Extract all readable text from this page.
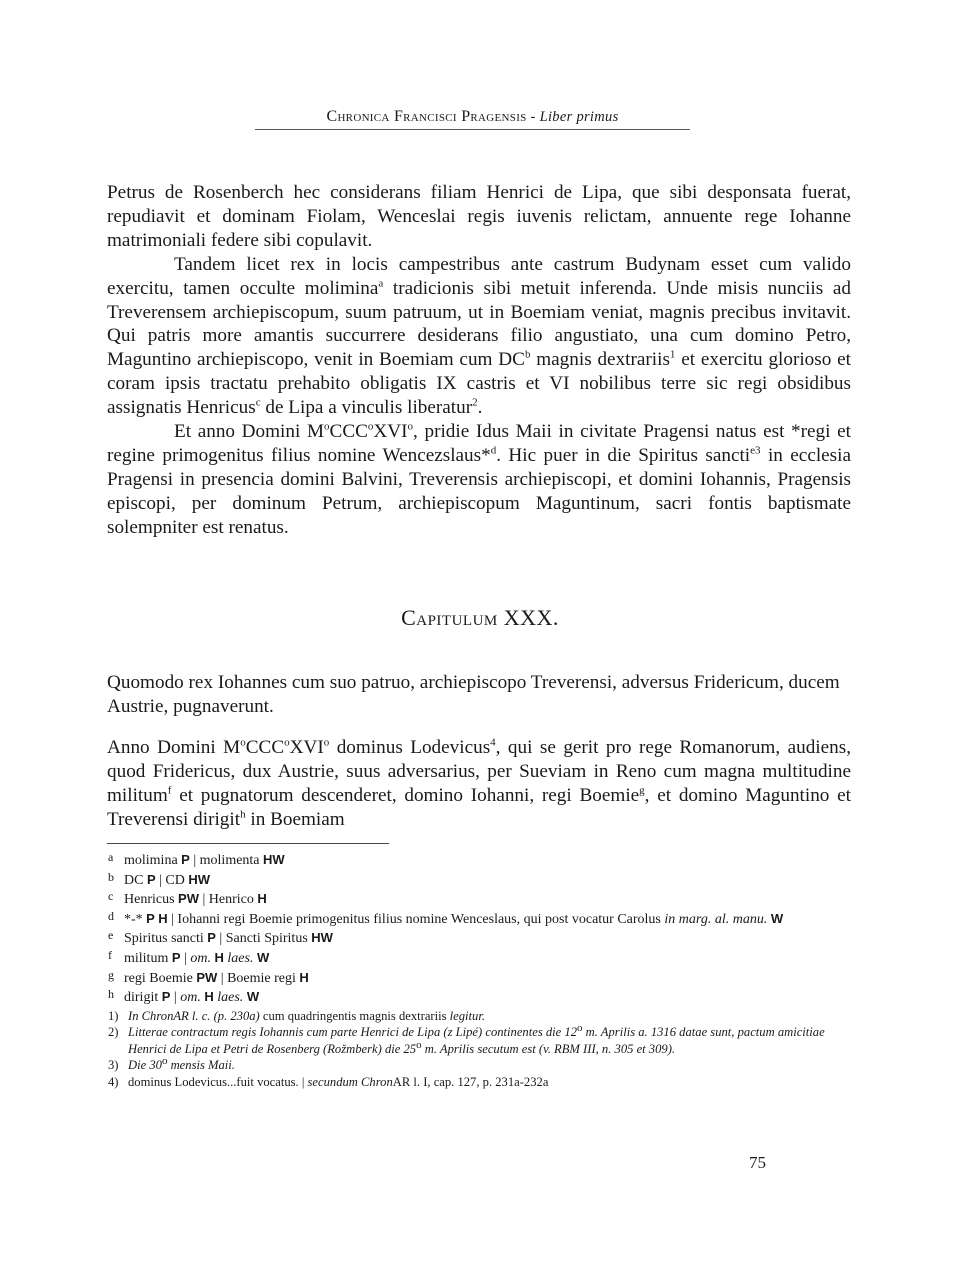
Chronica Francisci Pragensis - Liber primus

Petrus de Rosenberch hec considerans filiam Henrici de Lipa, que sibi desponsata fuerat, repudiavit et dominam Fiolam, Wenceslai regis iuvenis relictam, annuente rege Iohanne matrimoniali federe sibi copulavit.

Tandem licet rex in locis campestribus ante castrum Budynam esset cum valido exercitu, tamen occulte molimina$^a$ tradicionis sibi metuit inferenda. Unde misis nunciis ad Treverensem archiepiscopum, suum patruum, ut in Boemiam veniat, magnis precibus invitavit. Qui patris more amantis succurrere desiderans filio angustiato, una cum domino Petro, Maguntino archiepiscopo, venit in Boemiam cum $DC^b$ magnis dextrariis$^1$ et exercitu glorioso et coram ipsis tractatu prehabito obligatis IX castris et VI nobilibus terre sic regi obsidibus assignatis Henricus$^c$ de Lipa a vinculis liberatur$^2$.

Et anno Domini $M^oCCC^oXVI^o$, pridie Idus Maii in civitate Pragensi natus est *regi et regine primogenitus filius nomine Wencezslaus*$^d$. Hic puer in die Spiritus sancti$^{e3}$ in ecclesia Pragensi in presencia domini Balvini, Treverensis archiepiscopi, et domini Iohannis, Pragensis episcopi, per dominum Petrum, archiepiscopum Maguntinum, sacri fontis baptismate solempniter est renatus.

Capitulum XXX.

Quomodo rex Iohannes cum suo patruo, archiepiscopo Treverensi, adversus Fridericum, ducem Austrie, pugnaverunt.

Anno Domini $M^oCCC^oXVI^o$ dominus Lodevicus$^4$, qui se gerit pro rege Romanorum, audiens, quod Fridericus, dux Austrie, suus adversarius, per Sueviam in Reno cum magna multitudine militum$^f$ et pugnatorum descenderet, domino Iohanni, regi Boemie$^g$, et domino Maguntino et Treverensi dirigit$^h$ in Boemiam

a molimina P | molimenta HW
b DC P | CD HW
c Henricus PW | Henrico H
d *-* P H | Iohanni regi Boemie primogenitus filius nomine Wenceslaus, qui post vocatur Carolus in marg. al. manu. W
e Spiritus sancti P | Sancti Spiritus HW
f militum P | om. H laes. W
g regi Boemie PW | Boemie regi H
h dirigit P | om. H laes. W
1) In ChronAR l. c. (p. 230a) cum quadringentis magnis dextrariis legitur.
2) Litterae contractum regis Iohannis cum parte Henrici de Lipa (z Lipé) continentes die 12$^o$ m. Aprilis a. 1316 datae sunt, pactum amicitiae Henrici de Lipa et Petri de Rosenberg (Rožmberk) die 25$^o$ m. Aprilis secutum est (v. RBM III, n. 305 et 309).
3) Die 30$^o$ mensis Maii.
4) dominus Lodevicus...fuit vocatus. | secundum ChronAR l. I, cap. 127, p. 231a-232a
75
